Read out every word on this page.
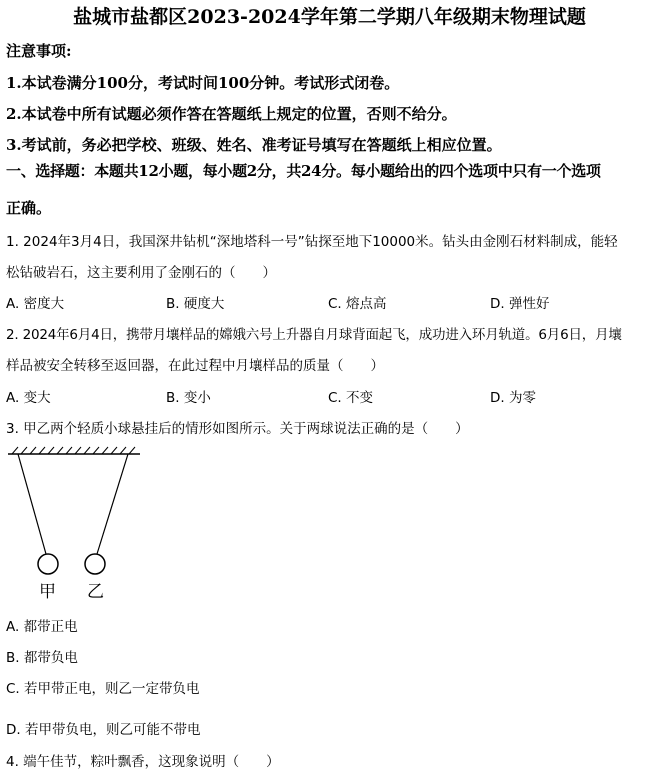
盐城市盐都区2023-2024学年第二学期八年级期末物理试题
注意事项:
1.本试卷满分100分，考试时间100分钟。考试形式闭卷。
2.本试卷中所有试题必须作答在答题纸上规定的位置，否则不给分。
3.考试前，务必把学校、班级、姓名、准考证号填写在答题纸上相应位置。
一、选择题：本题共12小题，每小题2分，共24分。每小题给出的四个选项中只有一个选项
正确。
1. 2024年3月4日，我国深井钻机“深地塔科一号”钻探至地下10000米。钻头由金刚石材料制成，能轻
松钻破岩石，这主要利用了金刚石的（　　）
A. 密度大	B. 硬度大	C. 熔点高	D. 弹性好
2. 2024年6月4日，携带月壤样品的嫦娥六号上升器自月球背面起飞，成功进入环月轨道。6月6日，月壤
样品被安全转移至返回器，在此过程中月壤样品的质量（　　）
A. 变大	B. 变小	C. 不变	D. 为零
3. 甲乙两个轻质小球悬挂后的情形如图所示。关于两球说法正确的是（　　）
甲 乙
A. 都带正电
B. 都带负电
C. 若甲带正电，则乙一定带负电
D. 若甲带负电，则乙可能不带电
4. 端午佳节，粽叶飘香，这现象说明（　　）
